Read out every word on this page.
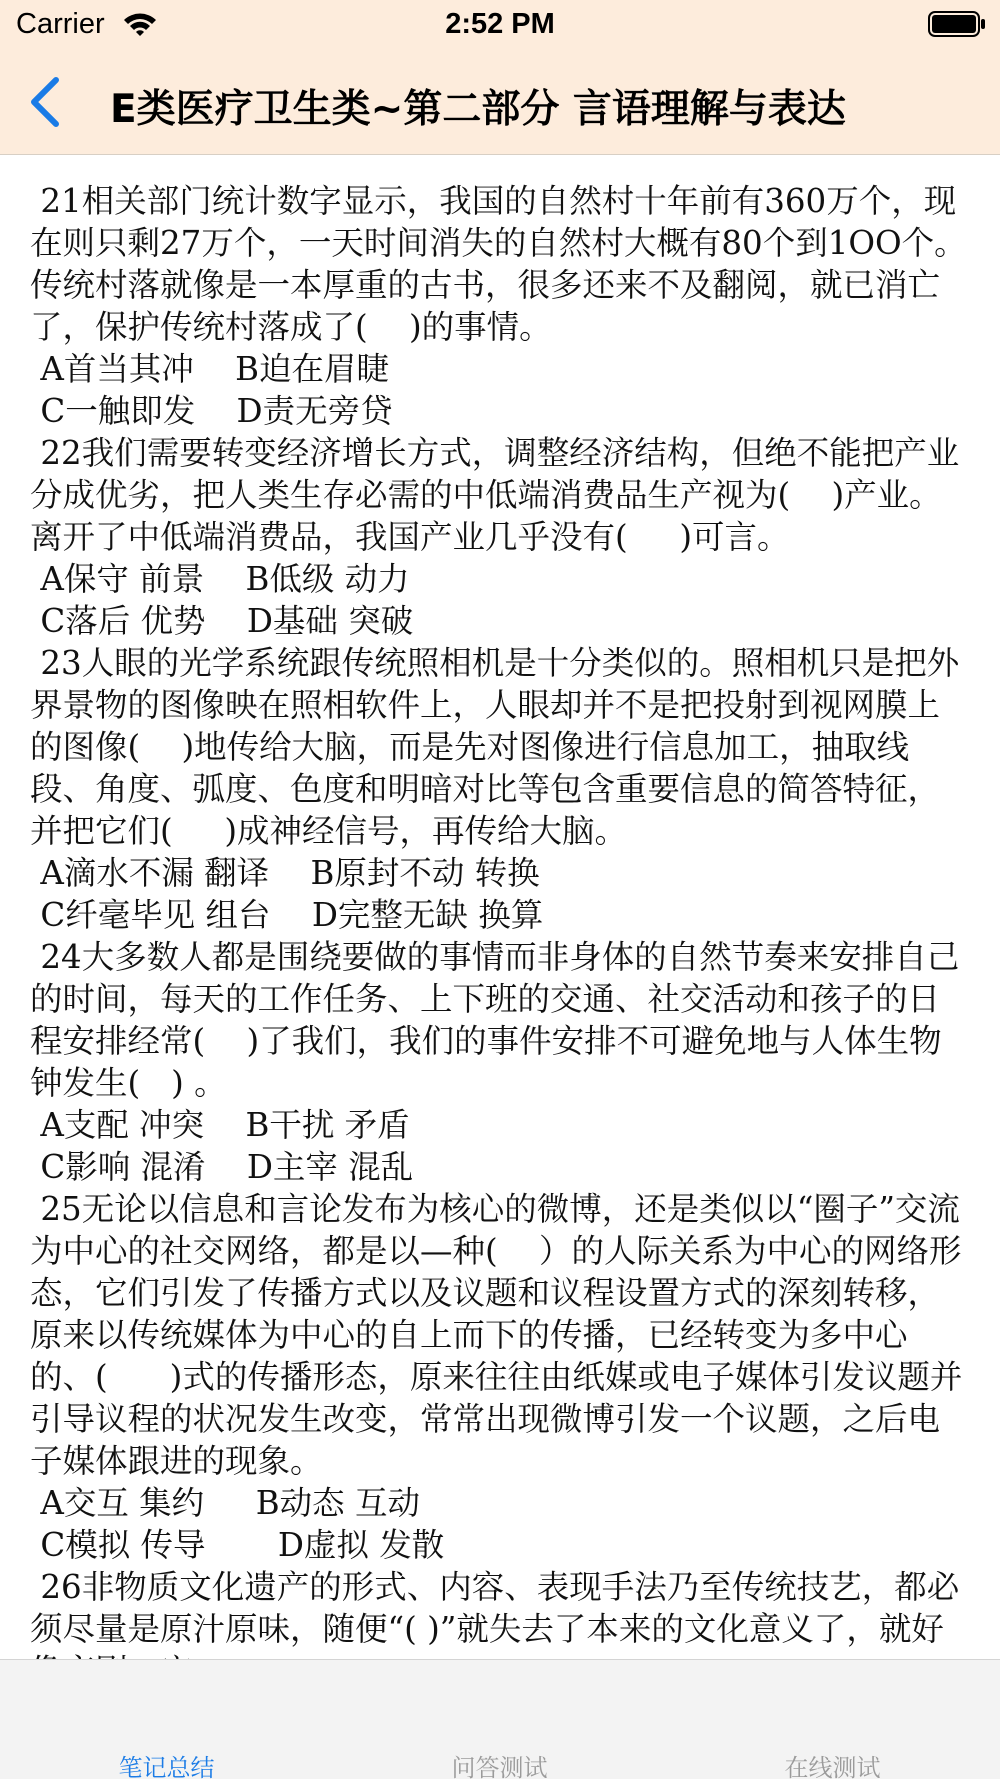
Carrier	2:52 PM
E类医疗卫生类~第二部分 言语理解与表达

21相关部门统计数字显示，我国的自然村十年前有360万个，现在则只剩27万个，一天时间消失的自然村大概有80个到1OO个。传统村落就像是一本厚重的古书，很多还来不及翻阅，就已消亡了，保护传统村落成了(    )的事情。

A首当其冲    B迫在眉睫

C一触即发    D责无旁贷

22我们需要转变经济增长方式，调整经济结构，但绝不能把产业分成优劣，把人类生存必需的中低端消费品生产视为(    )产业。离开了中低端消费品，我国产业几乎没有(     )可言。

A保守 前景    B低级 动力

C落后 优势    D基础 突破

23人眼的光学系统跟传统照相机是十分类似的。照相机只是把外界景物的图像映在照相软件上，人眼却并不是把投射到视网膜上的图像(    )地传给大脑，而是先对图像进行信息加工，抽取线段、角度、弧度、色度和明暗对比等包含重要信息的简答特征，并把它们(     )成神经信号，再传给大脑。

A滴水不漏 翻译    B原封不动 转换

C纤毫毕见 组台    D完整无缺 换算

24大多数人都是围绕要做的事情而非身体的自然节奏来安排自己的时间，每天的工作任务、上下班的交通、社交活动和孩子的日程安排经常(    )了我们，我们的事件安排不可避免地与人体生物钟发生(   ) 。

A支配 冲突    B干扰 矛盾

C影响 混淆    D主宰 混乱

25无论以信息和言论发布为核心的微博，还是类似以“圈子”交流为中心的社交网络，都是以—种(    ）的人际关系为中心的网络形态，它们引发了传播方式以及议题和议程设置方式的深刻转移，原来以传统媒体为中心的自上而下的传播，已经转变为多中心的、(      )式的传播形态，原来往往由纸媒或电子媒体引发议题并引导议程的状况发生改变，常常出现微博引发一个议题，之后电子媒体跟进的现象。

A交互 集约     B动态 互动

C模拟 传导       D虚拟 发散

26非物质文化遗产的形式、内容、表现手法乃至传统技艺，都必须尽量是原汁原味，随便“( )”就失去了本来的文化意义了，就好

笔记总结	问答测试	在线测试
